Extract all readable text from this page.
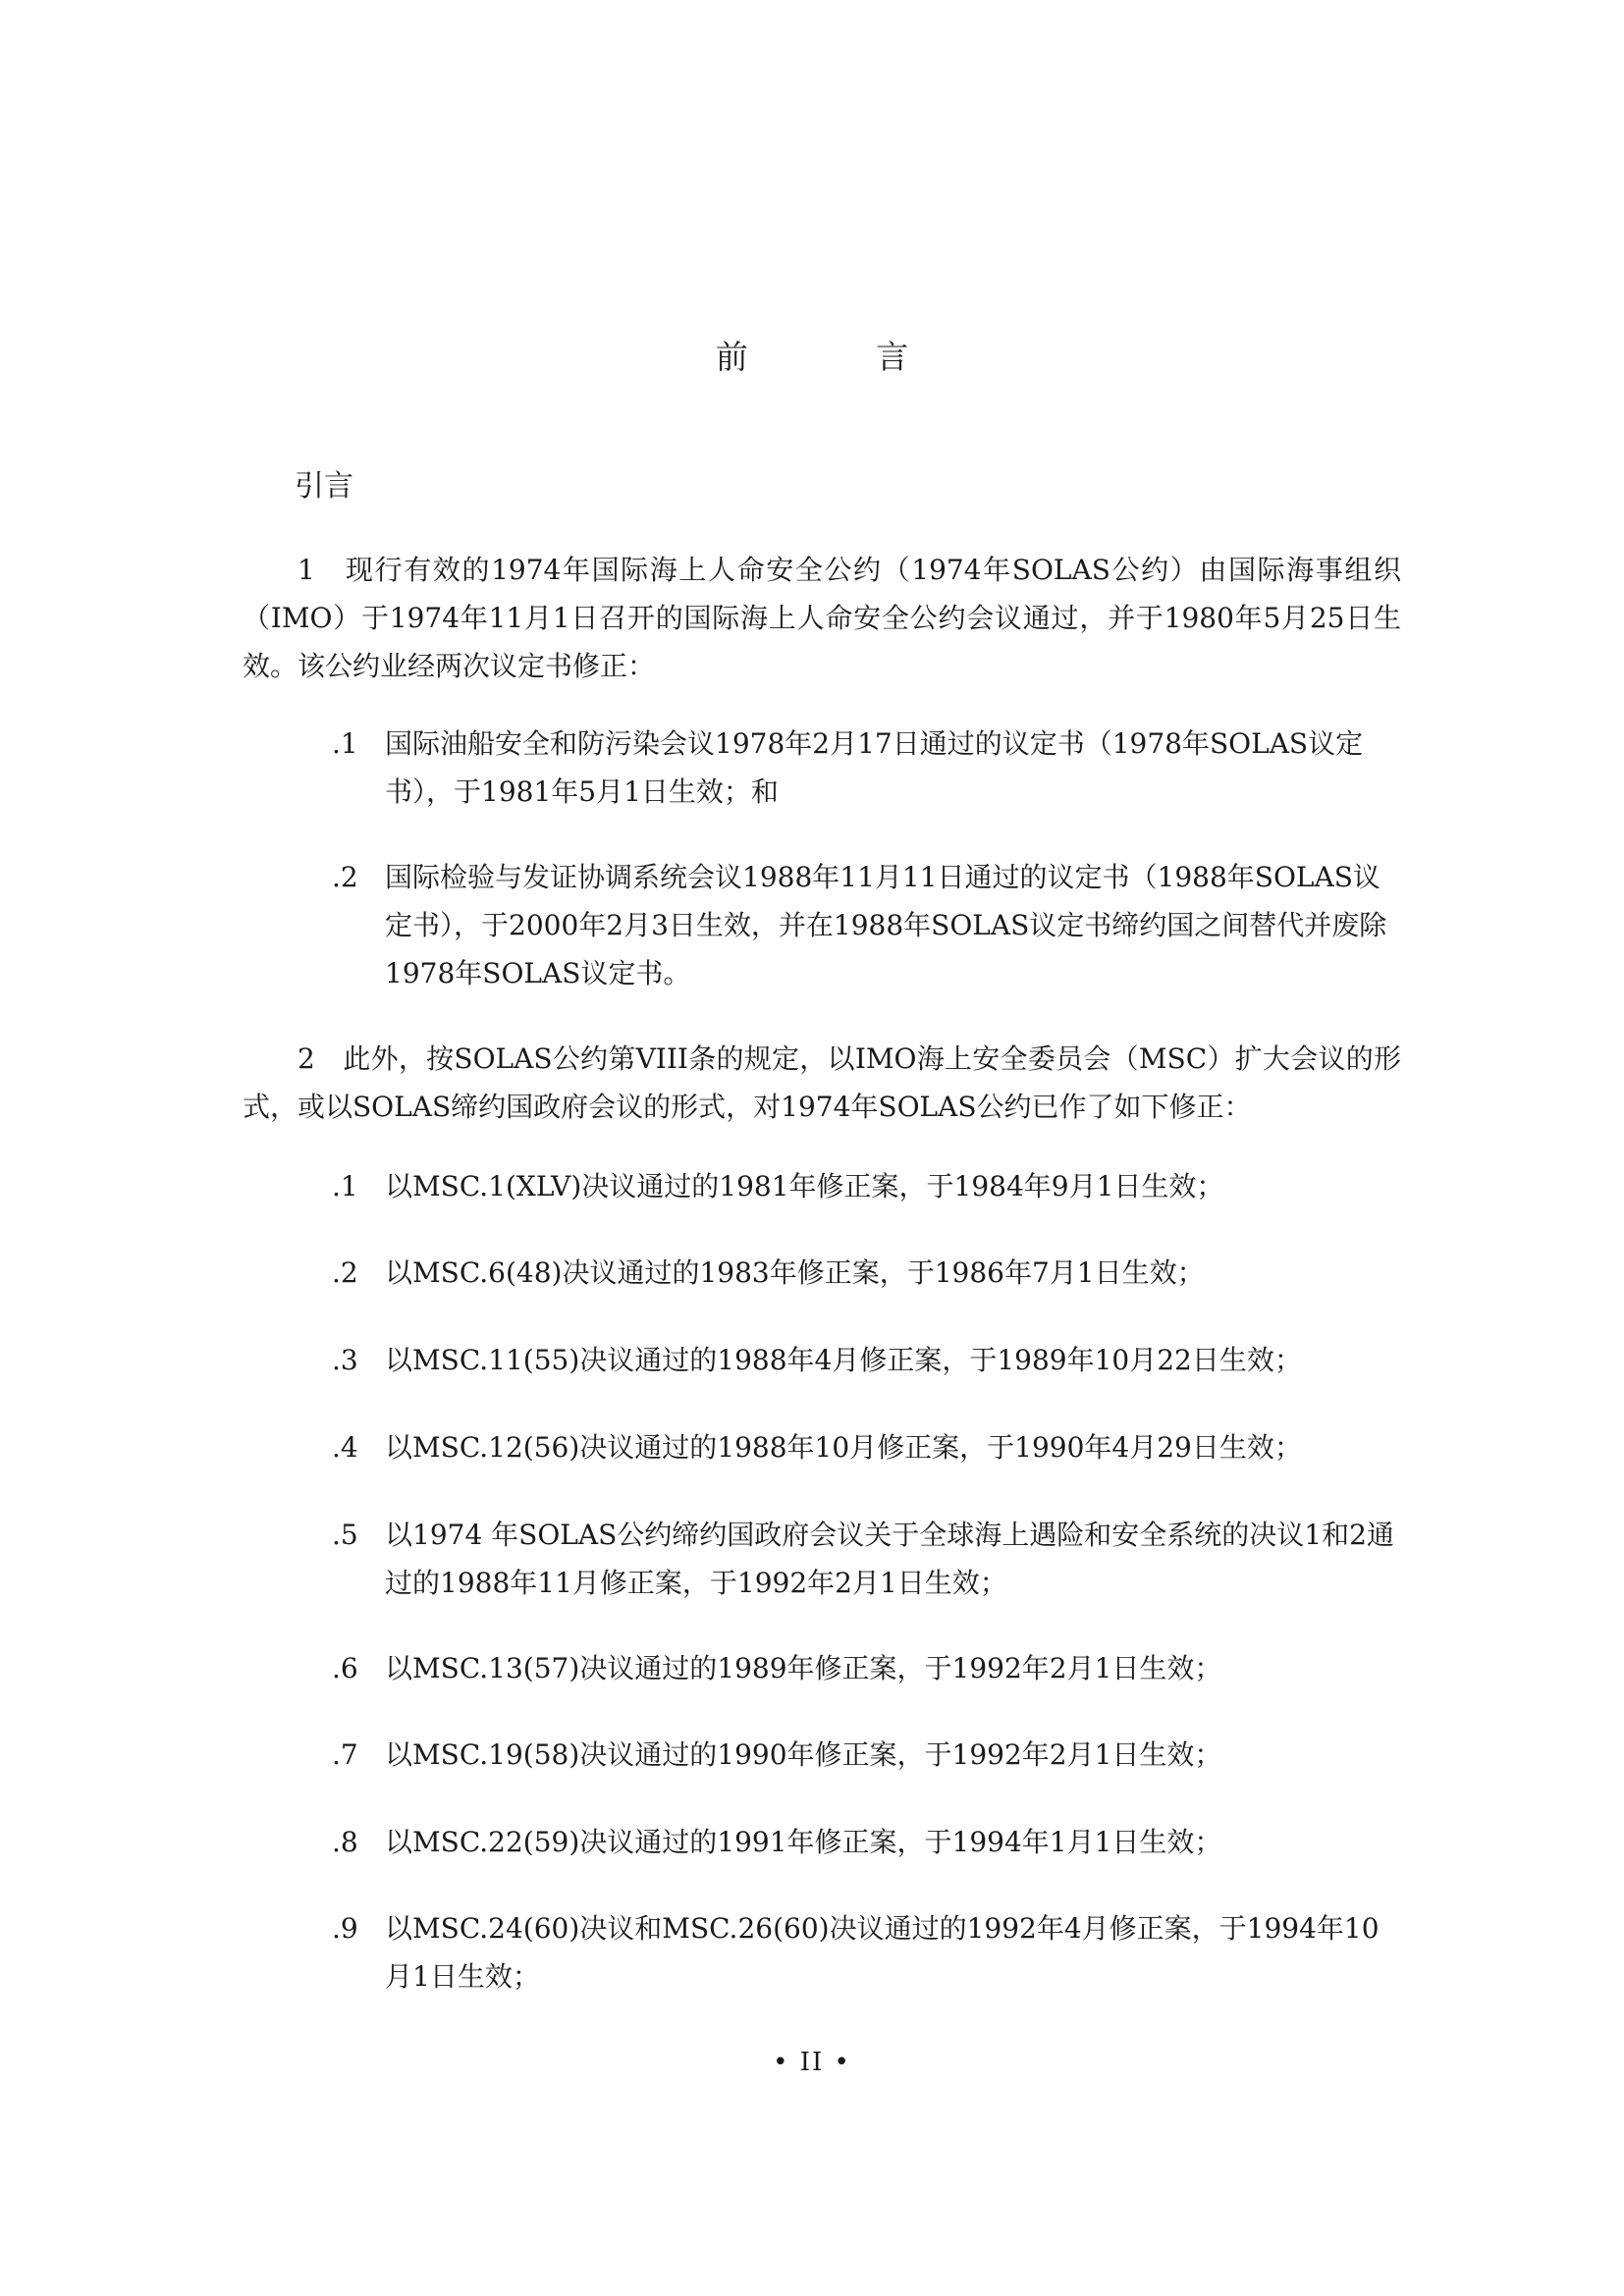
前 言
引言
1　现行有效的1974年国际海上人命安全公约（1974年SOLAS公约）由国际海事组织（IMO）于1974年11月1日召开的国际海上人命安全公约会议通过，并于1980年5月25日生效。该公约业经两次议定书修正：
.1 国际油船安全和防污染会议1978年2月17日通过的议定书（1978年SOLAS议定书），于1981年5月1日生效；和
.2 国际检验与发证协调系统会议1988年11月11日通过的议定书（1988年SOLAS议定书），于2000年2月3日生效，并在1988年SOLAS议定书缔约国之间替代并废除1978年SOLAS议定书。
2　此外，按SOLAS公约第VIII条的规定，以IMO海上安全委员会（MSC）扩大会议的形式，或以SOLAS缔约国政府会议的形式，对1974年SOLAS公约已作了如下修正：
.1 以MSC.1(XLV)决议通过的1981年修正案，于1984年9月1日生效；
.2 以MSC.6(48)决议通过的1983年修正案，于1986年7月1日生效；
.3 以MSC.11(55)决议通过的1988年4月修正案，于1989年10月22日生效；
.4 以MSC.12(56)决议通过的1988年10月修正案，于1990年4月29日生效；
.5 以1974 年SOLAS公约缔约国政府会议关于全球海上遇险和安全系统的决议1和2通过的1988年11月修正案，于1992年2月1日生效；
.6 以MSC.13(57)决议通过的1989年修正案，于1992年2月1日生效；
.7 以MSC.19(58)决议通过的1990年修正案，于1992年2月1日生效；
.8 以MSC.22(59)决议通过的1991年修正案，于1994年1月1日生效；
.9 以MSC.24(60)决议和MSC.26(60)决议通过的1992年4月修正案，于1994年10月1日生效；
• II •
